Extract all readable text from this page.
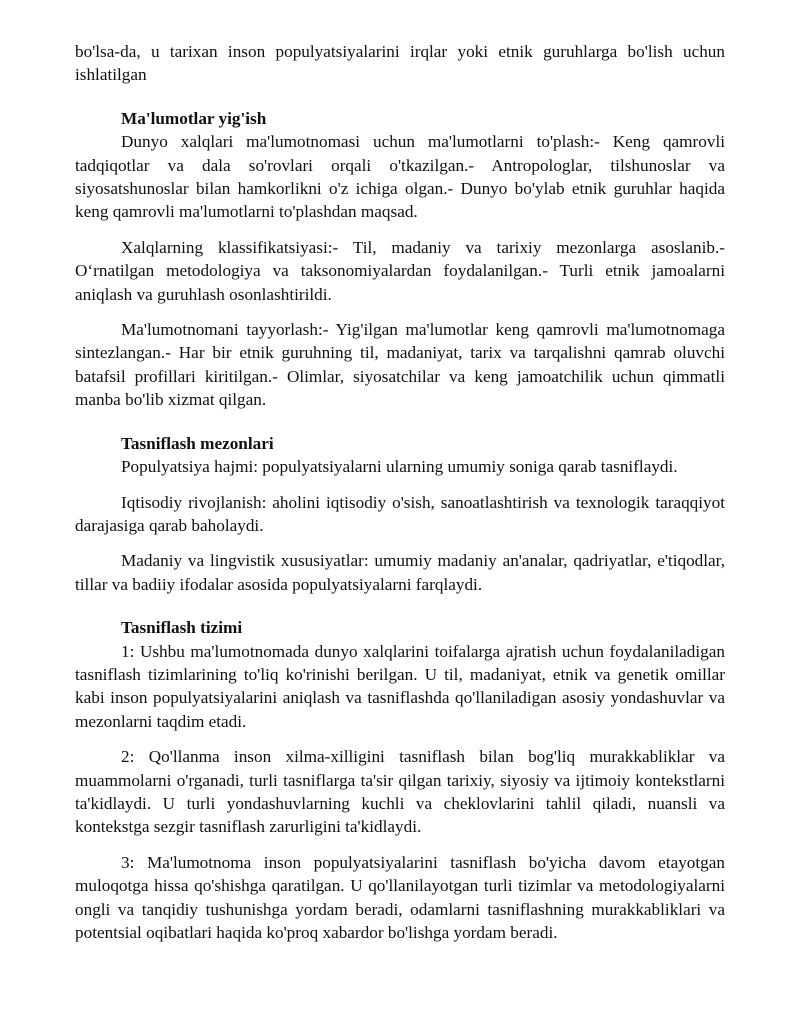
bo'lsa-da, u tarixan inson populyatsiyalarini irqlar yoki etnik guruhlarga bo'lish uchun ishlatilgan

Ma'lumotlar yig'ish

Dunyo xalqlari ma'lumotnomasi uchun ma'lumotlarni to'plash:- Keng qamrovli tadqiqotlar va dala so'rovlari orqali o'tkazilgan.- Antropologlar, tilshunoslar va siyosatshunoslar bilan hamkorlikni o'z ichiga olgan.- Dunyo bo'ylab etnik guruhlar haqida keng qamrovli ma'lumotlarni to'plashdan maqsad.

Xalqlarning klassifikatsiyasi:- Til, madaniy va tarixiy mezonlarga asoslanib.- O‘rnatilgan metodologiya va taksonomiyalardan foydalanilgan.- Turli etnik jamoalarni aniqlash va guruhlash osonlashtirildi.

Ma'lumotnomani tayyorlash:- Yig'ilgan ma'lumotlar keng qamrovli ma'lumotnomaga sintezlangan.- Har bir etnik guruhning til, madaniyat, tarix va tarqalishni qamrab oluvchi batafsil profillari kiritilgan.- Olimlar, siyosatchilar va keng jamoatchilik uchun qimmatli manba bo'lib xizmat qilgan.

Tasniflash mezonlari

Populyatsiya hajmi: populyatsiyalarni ularning umumiy soniga qarab tasniflaydi.

Iqtisodiy rivojlanish: aholini iqtisodiy o'sish, sanoatlashtirish va texnologik taraqqiyot darajasiga qarab baholaydi.

Madaniy va lingvistik xususiyatlar: umumiy madaniy an'analar, qadriyatlar, e'tiqodlar, tillar va badiiy ifodalar asosida populyatsiyalarni farqlaydi.

Tasniflash tizimi

1: Ushbu ma'lumotnomada dunyo xalqlarini toifalarga ajratish uchun foydalaniladigan tasniflash tizimlarining to'liq ko'rinishi berilgan. U til, madaniyat, etnik va genetik omillar kabi inson populyatsiyalarini aniqlash va tasniflashda qo'llaniladigan asosiy yondashuvlar va mezonlarni taqdim etadi.

2: Qo'llanma inson xilma-xilligini tasniflash bilan bog'liq murakkabliklar va muammolarni o'rganadi, turli tasniflarga ta'sir qilgan tarixiy, siyosiy va ijtimoiy kontekstlarni ta'kidlaydi. U turli yondashuvlarning kuchli va cheklovlarini tahlil qiladi, nuansli va kontekstga sezgir tasniflash zarurligini ta'kidlaydi.

3: Ma'lumotnoma inson populyatsiyalarini tasniflash bo'yicha davom etayotgan muloqotga hissa qo'shishga qaratilgan. U qo'llanilayotgan turli tizimlar va metodologiyalarni ongli va tanqidiy tushunishga yordam beradi, odamlarni tasniflashning murakkabliklari va potentsial oqibatlari haqida ko'proq xabardor bo'lishga yordam beradi.
